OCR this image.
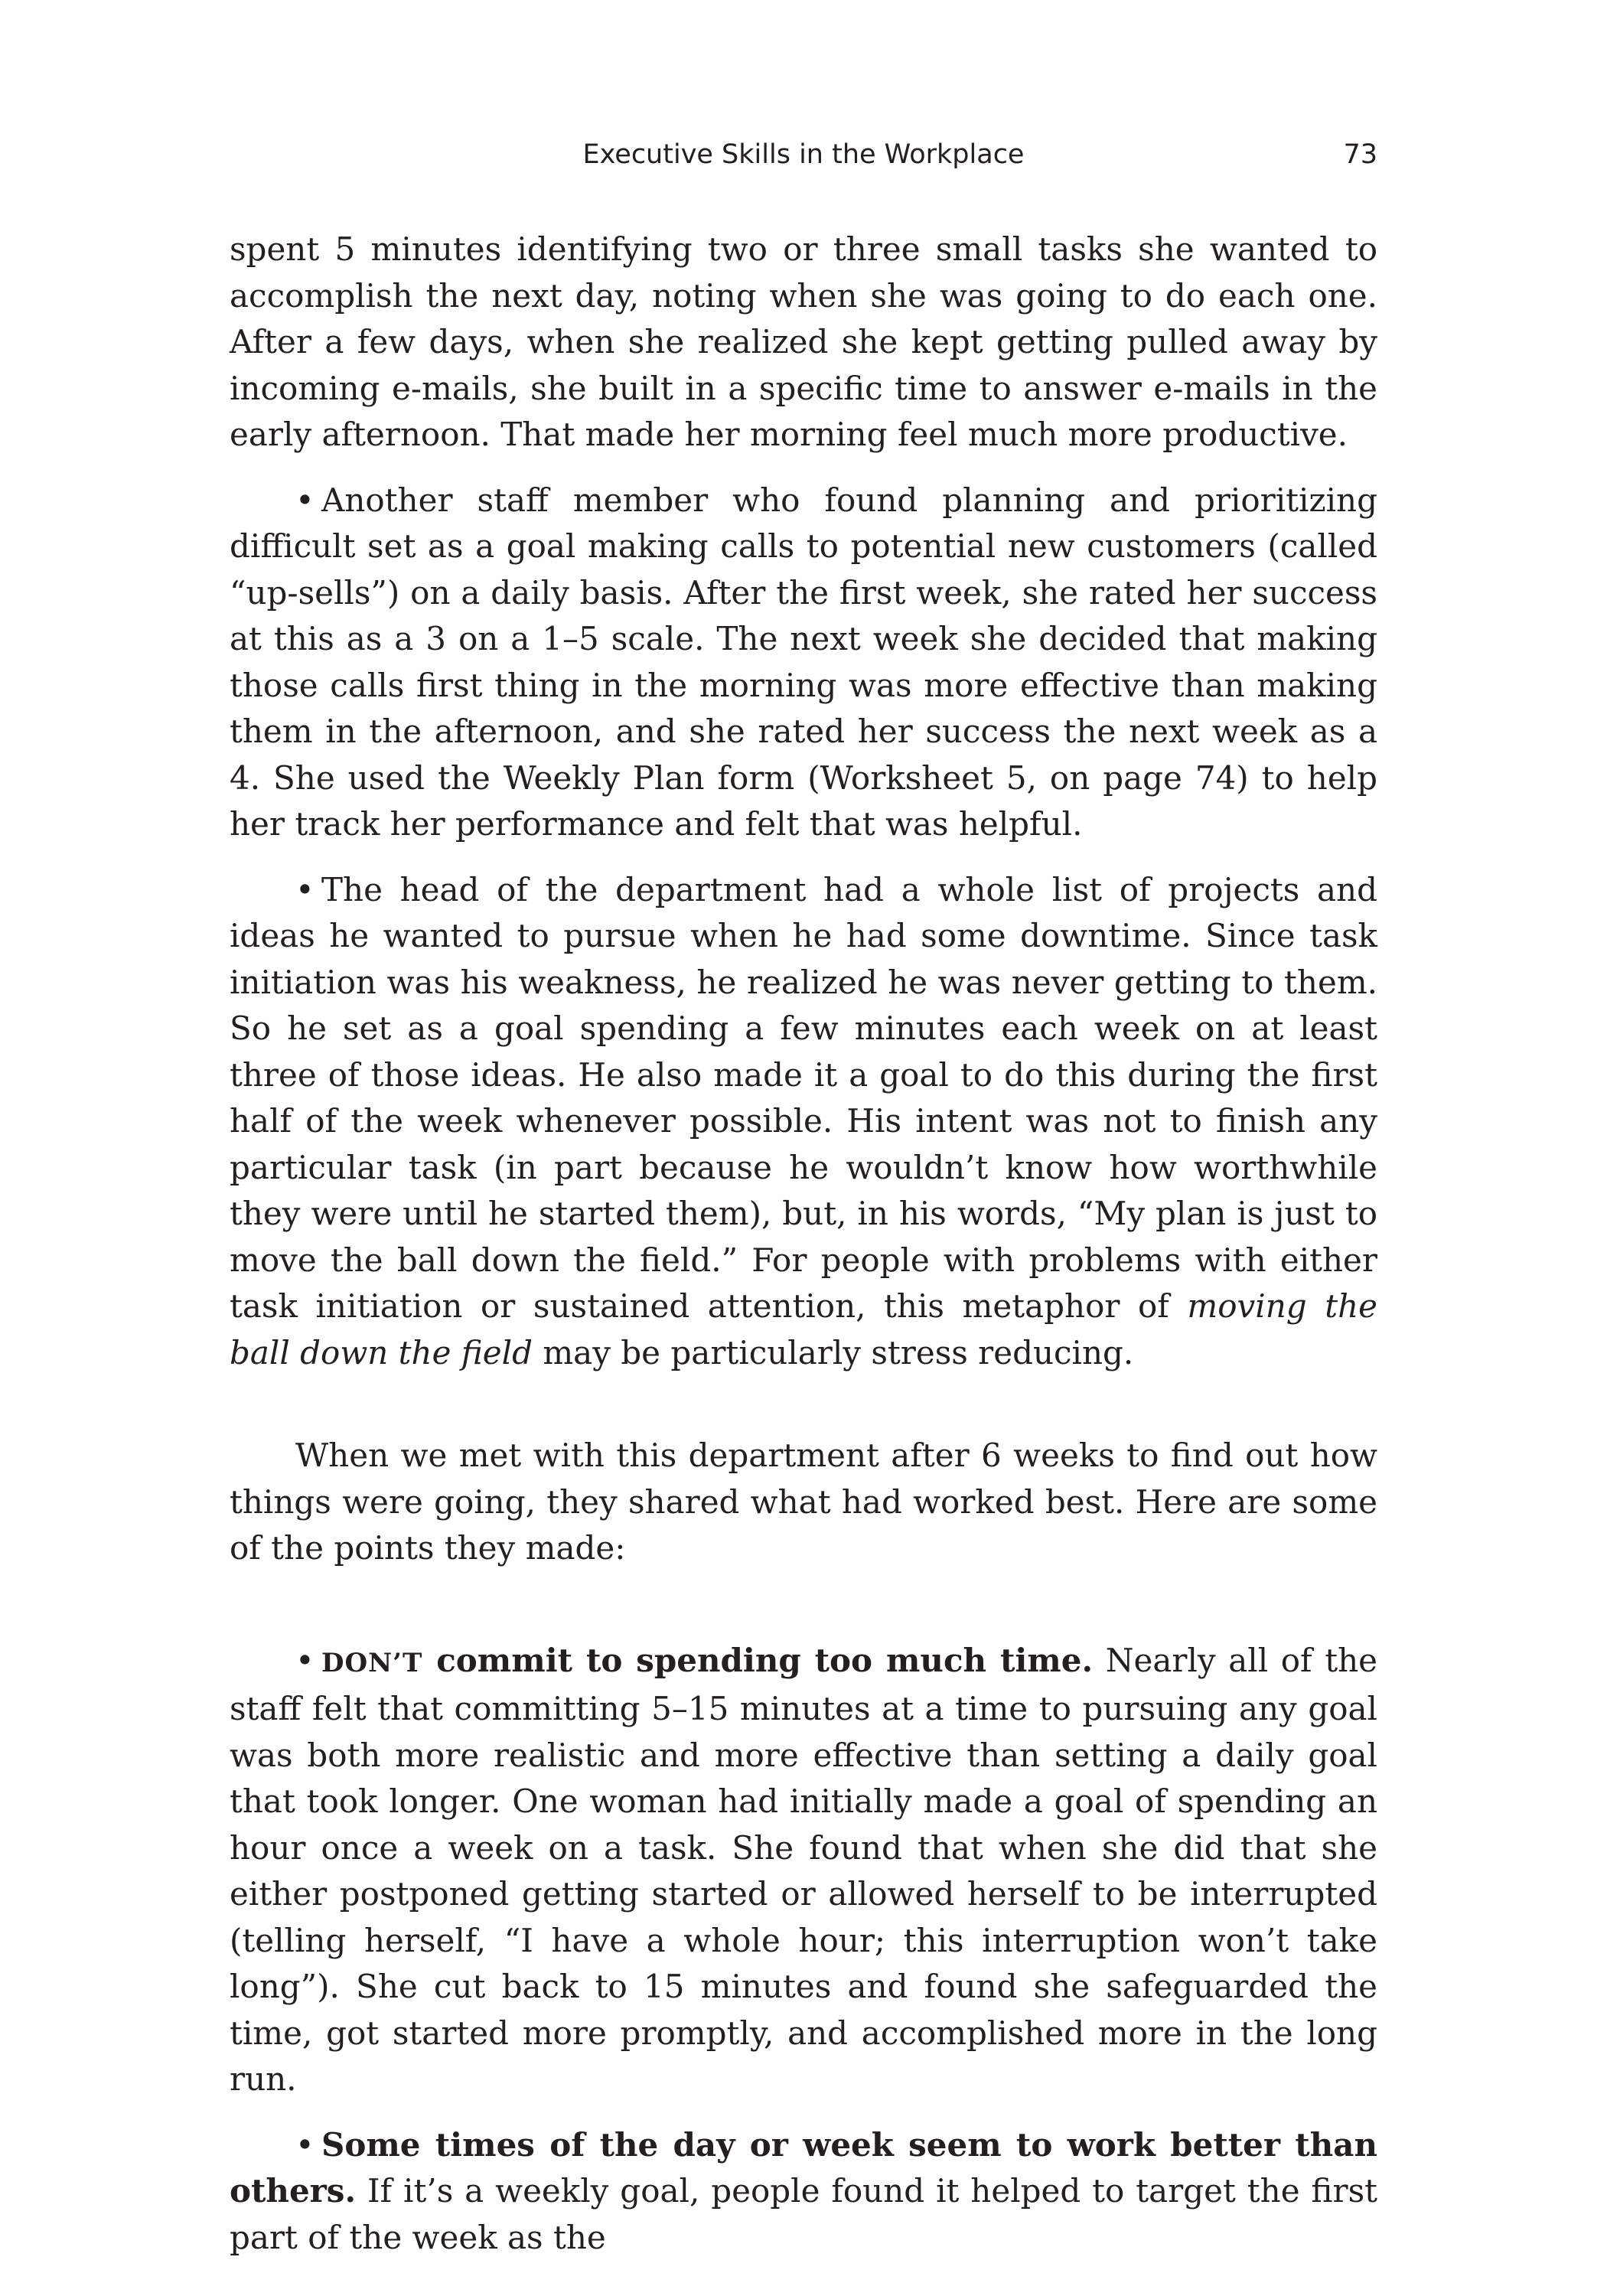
Executive Skills in the Workplace	73

spent 5 minutes identifying two or three small tasks she wanted to accomplish the next day, noting when she was going to do each one. After a few days, when she realized she kept getting pulled away by incoming e-mails, she built in a specific time to answer e-mails in the early afternoon. That made her morning feel much more productive.

• Another staff member who found planning and prioritizing difficult set as a goal making calls to potential new customers (called “up-sells”) on a daily basis. After the first week, she rated her success at this as a 3 on a 1–5 scale. The next week she decided that making those calls first thing in the morning was more effective than making them in the afternoon, and she rated her success the next week as a 4. She used the Weekly Plan form (Worksheet 5, on page 74) to help her track her performance and felt that was helpful.

• The head of the department had a whole list of projects and ideas he wanted to pursue when he had some downtime. Since task initiation was his weakness, he realized he was never getting to them. So he set as a goal spending a few minutes each week on at least three of those ideas. He also made it a goal to do this during the first half of the week whenever possible. His intent was not to finish any particular task (in part because he wouldn’t know how worthwhile they were until he started them), but, in his words, “My plan is just to move the ball down the field.” For people with problems with either task initiation or sustained attention, this metaphor of moving the ball down the field may be particularly stress reducing.

When we met with this department after 6 weeks to find out how things were going, they shared what had worked best. Here are some of the points they made:

• DON’T commit to spending too much time. Nearly all of the staff felt that committing 5–15 minutes at a time to pursuing any goal was both more realistic and more effective than setting a daily goal that took longer. One woman had initially made a goal of spending an hour once a week on a task. She found that when she did that she either postponed getting started or allowed herself to be interrupted (telling herself, “I have a whole hour; this interruption won’t take long”). She cut back to 15 minutes and found she safeguarded the time, got started more promptly, and accomplished more in the long run.

• Some times of the day or week seem to work better than others. If it’s a weekly goal, people found it helped to target the first part of the week as the
